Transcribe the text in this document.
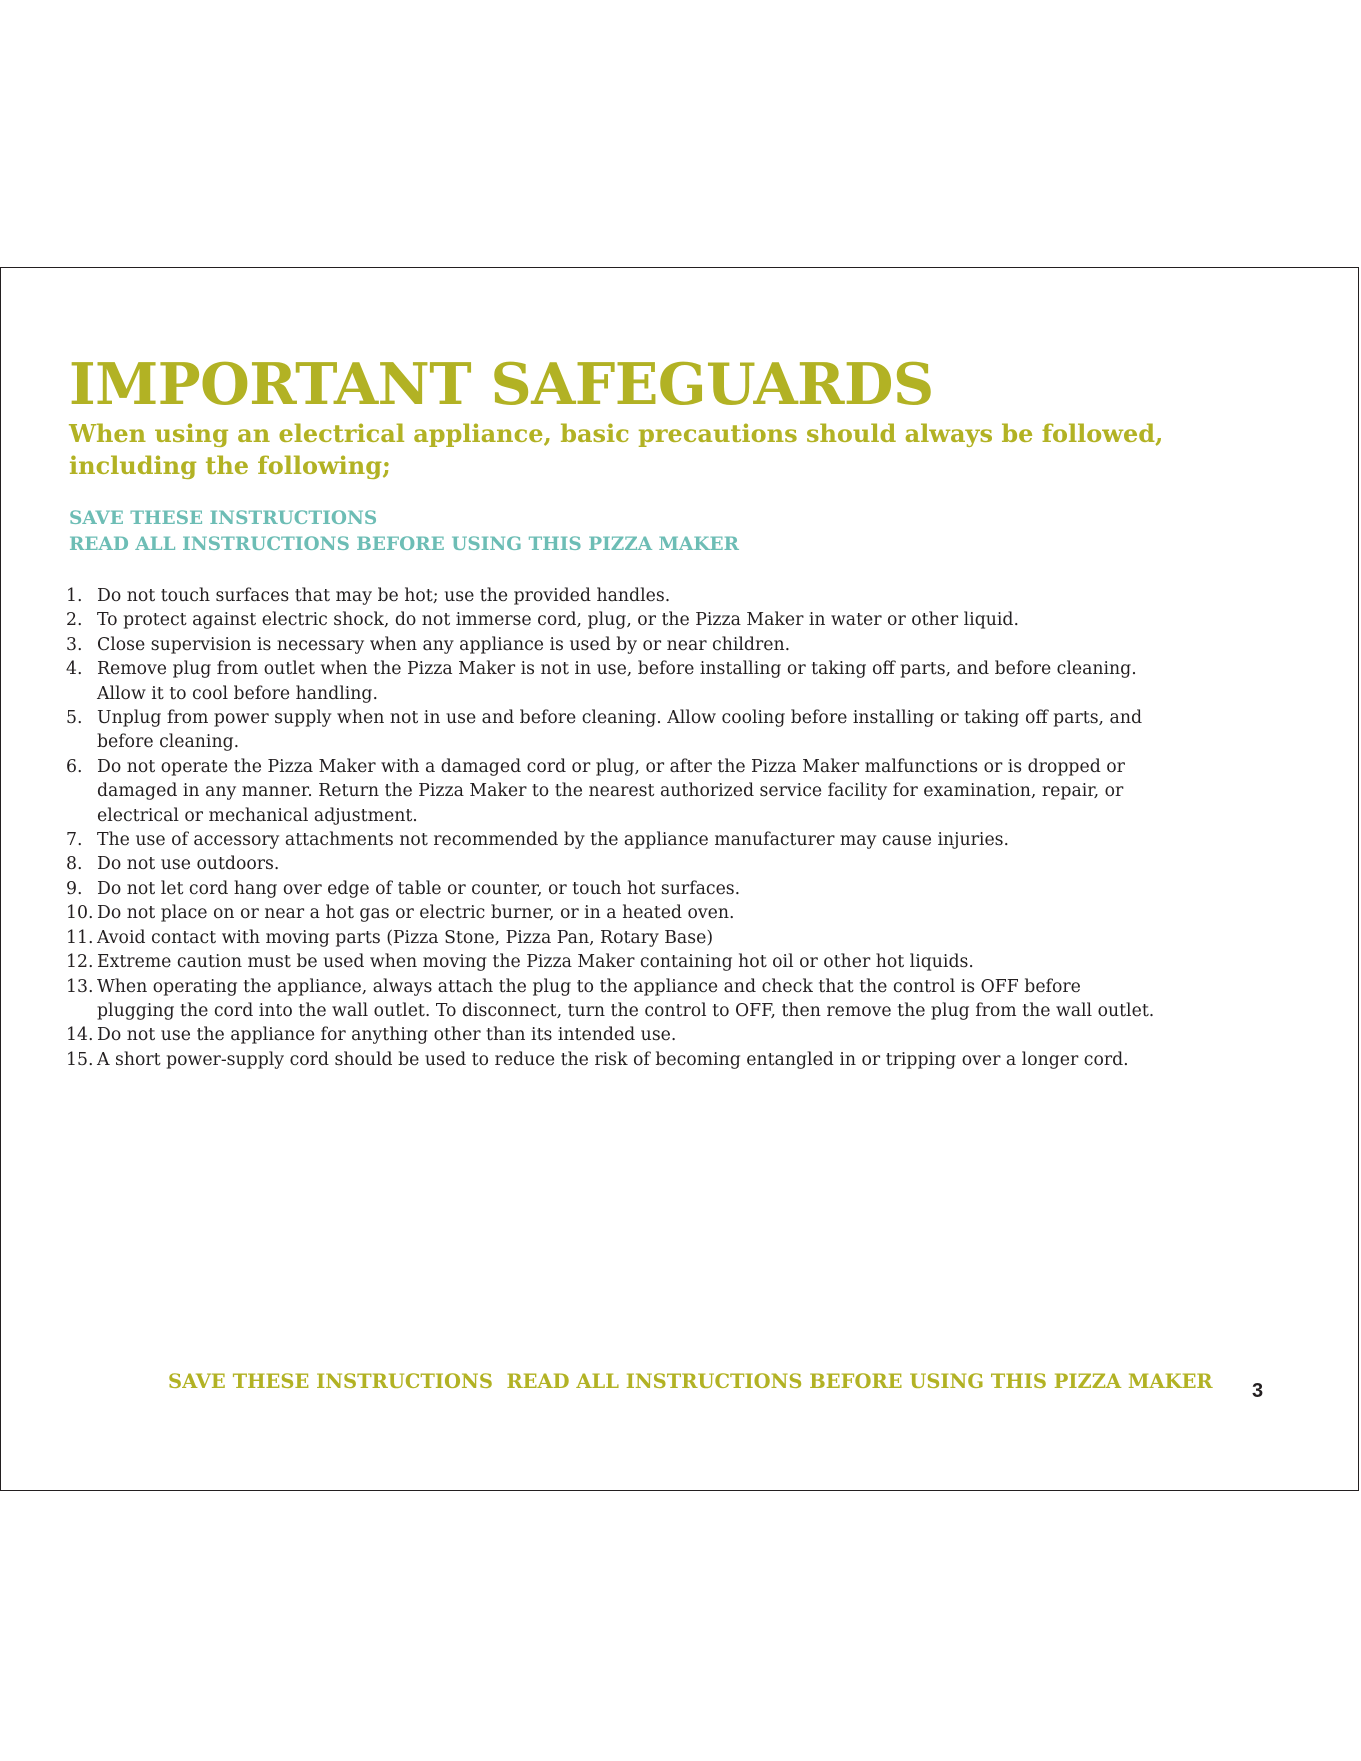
IMPORTANT SAFEGUARDS

When using an electrical appliance, basic precautions should always be followed,
including the following;

SAVE THESE INSTRUCTIONS

READ ALL INSTRUCTIONS BEFORE USING THIS PIZZA MAKER

1. Do not touch surfaces that may be hot; use the provided handles.
2. To protect against electric shock, do not immerse cord, plug, or the Pizza Maker in water or other liquid.
3. Close supervision is necessary when any appliance is used by or near children.
4. Remove plug from outlet when the Pizza Maker is not in use, before installing or taking off parts, and before cleaning.
Allow it to cool before handling.
5. Unplug from power supply when not in use and before cleaning. Allow cooling before installing or taking off parts, and
before cleaning.
6. Do not operate the Pizza Maker with a damaged cord or plug, or after the Pizza Maker malfunctions or is dropped or
damaged in any manner. Return the Pizza Maker to the nearest authorized service facility for examination, repair, or
electrical or mechanical adjustment.
7. The use of accessory attachments not recommended by the appliance manufacturer may cause injuries.
8. Do not use outdoors.
9. Do not let cord hang over edge of table or counter, or touch hot surfaces.
10. Do not place on or near a hot gas or electric burner, or in a heated oven.
11. Avoid contact with moving parts (Pizza Stone, Pizza Pan, Rotary Base)
12. Extreme caution must be used when moving the Pizza Maker containing hot oil or other hot liquids.
13. When operating the appliance, always attach the plug to the appliance and check that the control is OFF before
plugging the cord into the wall outlet. To disconnect, turn the control to OFF, then remove the plug from the wall outlet.
14. Do not use the appliance for anything other than its intended use.
15. A short power-supply cord should be used to reduce the risk of becoming entangled in or tripping over a longer cord.

SAVE THESE INSTRUCTIONS  READ ALL INSTRUCTIONS BEFORE USING THIS PIZZA MAKER 3
